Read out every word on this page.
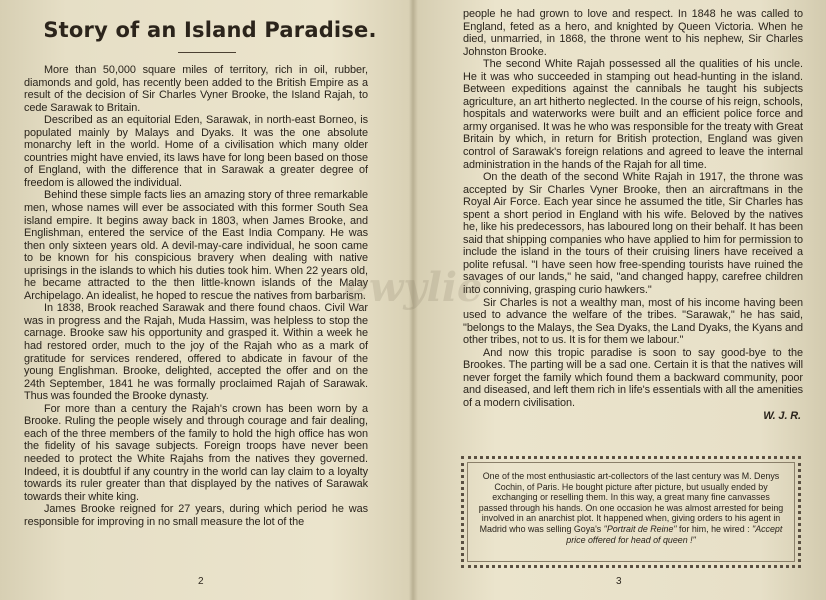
Story of an Island Paradise.

More than 50,000 square miles of territory, rich in oil, rubber, diamonds and gold, has recently been added to the British Empire as a result of the decision of Sir Charles Vyner Brooke, the Island Rajah, to cede Sarawak to Britain.

Described as an equitorial Eden, Sarawak, in north-east Borneo, is populated mainly by Malays and Dyaks. It was the one absolute monarchy left in the world. Home of a civilisation which many older countries might have envied, its laws have for long been based on those of England, with the difference that in Sarawak a greater degree of freedom is allowed the individual.

Behind these simple facts lies an amazing story of three remarkable men, whose names will ever be associated with this former South Sea island empire. It begins away back in 1803, when James Brooke, and Englishman, entered the service of the East India Company. He was then only sixteen years old. A devil-may-care individual, he soon came to be known for his conspicious bravery when dealing with native uprisings in the islands to which his duties took him. When 22 years old, he became attracted to the then little-known islands of the Malay Archipelago. An idealist, he hoped to rescue the natives from barbarism.

In 1838, Brook reached Sarawak and there found chaos. Civil War was in progress and the Rajah, Muda Hassim, was helpless to stop the carnage. Brooke saw his opportunity and grasped it. Within a week he had restored order, much to the joy of the Rajah who as a mark of gratitude for services rendered, offered to abdicate in favour of the young Englishman. Brooke, delighted, accepted the offer and on the 24th September, 1841 he was formally proclaimed Rajah of Sarawak. Thus was founded the Brooke dynasty.

For more than a century the Rajah's crown has been worn by a Brooke. Ruling the people wisely and through courage and fair dealing, each of the three members of the family to hold the high office has won the fidelity of his savage subjects. Foreign troops have never been needed to protect the White Rajahs from the natives they governed. Indeed, it is doubtful if any country in the world can lay claim to a loyalty towards its ruler greater than that displayed by the natives of Sarawak towards their white king.

James Brooke reigned for 27 years, during which period he was responsible for improving in no small measure the lot of the

2

people he had grown to love and respect. In 1848 he was called to England, feted as a hero, and knighted by Queen Victoria. When he died, unmarried, in 1868, the throne went to his nephew, Sir Charles Johnston Brooke.

The second White Rajah possessed all the qualities of his uncle. He it was who succeeded in stamping out head-hunting in the island. Between expeditions against the cannibals he taught his subjects agriculture, an art hitherto neglected. In the course of his reign, schools, hospitals and waterworks were built and an efficient police force and army organised. It was he who was responsible for the treaty with Great Britain by which, in return for British protection, England was given control of Sarawak's foreign relations and agreed to leave the internal administration in the hands of the Rajah for all time.

On the death of the second White Rajah in 1917, the throne was accepted by Sir Charles Vyner Brooke, then an aircraftmans in the Royal Air Force. Each year since he assumed the title, Sir Charles has spent a short period in England with his wife. Beloved by the natives he, like his predecessors, has laboured long on their behalf. It has been said that shipping companies who have applied to him for permission to include the island in the tours of their cruising liners have received a polite refusal. "I have seen how free-spending tourists have ruined the savages of our lands," he said, "and changed happy, carefree children into conniving, grasping curio hawkers."

Sir Charles is not a wealthy man, most of his income having been used to advance the welfare of the tribes. "Sarawak," he has said, "belongs to the Malays, the Sea Dyaks, the Land Dyaks, the Kyans and other tribes, not to us. It is for them we labour."

And now this tropic paradise is soon to say good-bye to the Brookes. The parting will be a sad one. Certain it is that the natives will never forget the family which found them a backward community, poor and diseased, and left them rich in life's essentials with all the amenities of a modern civilisation.

W. J. R.

One of the most enthusiastic art-collectors of the last century was M. Denys Cochin, of Paris. He bought picture after picture, but usually ended by exchanging or reselling them. In this way, a great many fine canvasses passed through his hands. On one occasion he was almost arrested for being involved in an anarchist plot. It happened when, giving orders to his agent in Madrid who was selling Goya's "Portrait de Reine" for him, he wired : "Accept price offered for head of queen !"

3
ewylie
